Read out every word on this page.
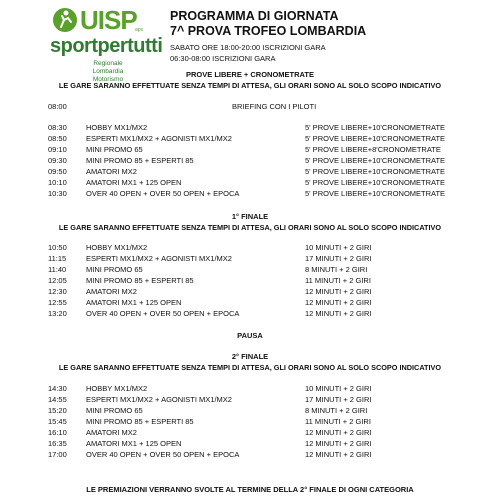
UISP
aps
sportpertutti
Regionale Lombardia
Motorismo
PROGRAMMA DI GIORNATA
7^ PROVA TROFEO LOMBARDIA
SABATO ORE 18:00-20:00 ISCRIZIONI GARA
06:30-08:00 ISCRIZIONI GARA
PROVE LIBERE + CRONOMETRATE
LE GARE SARANNO EFFETTUATE SENZA TEMPI DI ATTESA, GLI ORARI SONO AL SOLO SCOPO INDICATIVO
08:00	BRIEFING CON I PILOTI
08:30	HOBBY MX1/MX2	5' PROVE LIBERE+10'CRONOMETRATE
08:50	ESPERTI MX1/MX2 + AGONISTI MX1/MX2	5' PROVE LIBERE+10'CRONOMETRATE
09:10	MINI PROMO 65	5' PROVE LIBERE+8'CRONOMETRATE
09:30	MINI PROMO 85 + ESPERTI 85	5' PROVE LIBERE+10'CRONOMETRATE
09:50	AMATORI MX2	5' PROVE LIBERE+10'CRONOMETRATE
10:10	AMATORI MX1 + 125 OPEN	5' PROVE LIBERE+10'CRONOMETRATE
10:30	OVER 40 OPEN + OVER 50 OPEN + EPOCA	5' PROVE LIBERE+10'CRONOMETRATE
1° FINALE
LE GARE SARANNO EFFETTUATE SENZA TEMPI DI ATTESA, GLI ORARI SONO AL SOLO SCOPO INDICATIVO
10:50	HOBBY MX1/MX2	10 MINUTI + 2 GIRI
11:15	ESPERTI MX1/MX2 + AGONISTI MX1/MX2	17 MINUTI + 2 GIRI
11:40	MINI PROMO 65	8 MINUTI + 2 GIRI
12:05	MINI PROMO 85 + ESPERTI 85	11 MINUTI + 2 GIRI
12:30	AMATORI MX2	12 MINUTI + 2 GIRI
12:55	AMATORI MX1 + 125 OPEN	12 MINUTI + 2 GIRI
13:20	OVER 40 OPEN + OVER 50 OPEN + EPOCA	12 MINUTI + 2 GIRI
PAUSA
2° FINALE
LE GARE SARANNO EFFETTUATE SENZA TEMPI DI ATTESA, GLI ORARI SONO AL SOLO SCOPO INDICATIVO
14:30	HOBBY MX1/MX2	10 MINUTI + 2 GIRI
14:55	ESPERTI MX1/MX2 + AGONISTI MX1/MX2	17 MINUTI + 2 GIRI
15:20	MINI PROMO 65	8 MINUTI + 2 GIRI
15:45	MINI PROMO 85 + ESPERTI 85	11 MINUTI + 2 GIRI
16:10	AMATORI MX2	12 MINUTI + 2 GIRI
16:35	AMATORI MX1 + 125 OPEN	12 MINUTI + 2 GIRI
17:00	OVER 40 OPEN + OVER 50 OPEN + EPOCA	12 MINUTI + 2 GIRI
LE PREMIAZIONI VERRANNO SVOLTE AL TERMINE DELLA 2° FINALE DI OGNI CATEGORIA
